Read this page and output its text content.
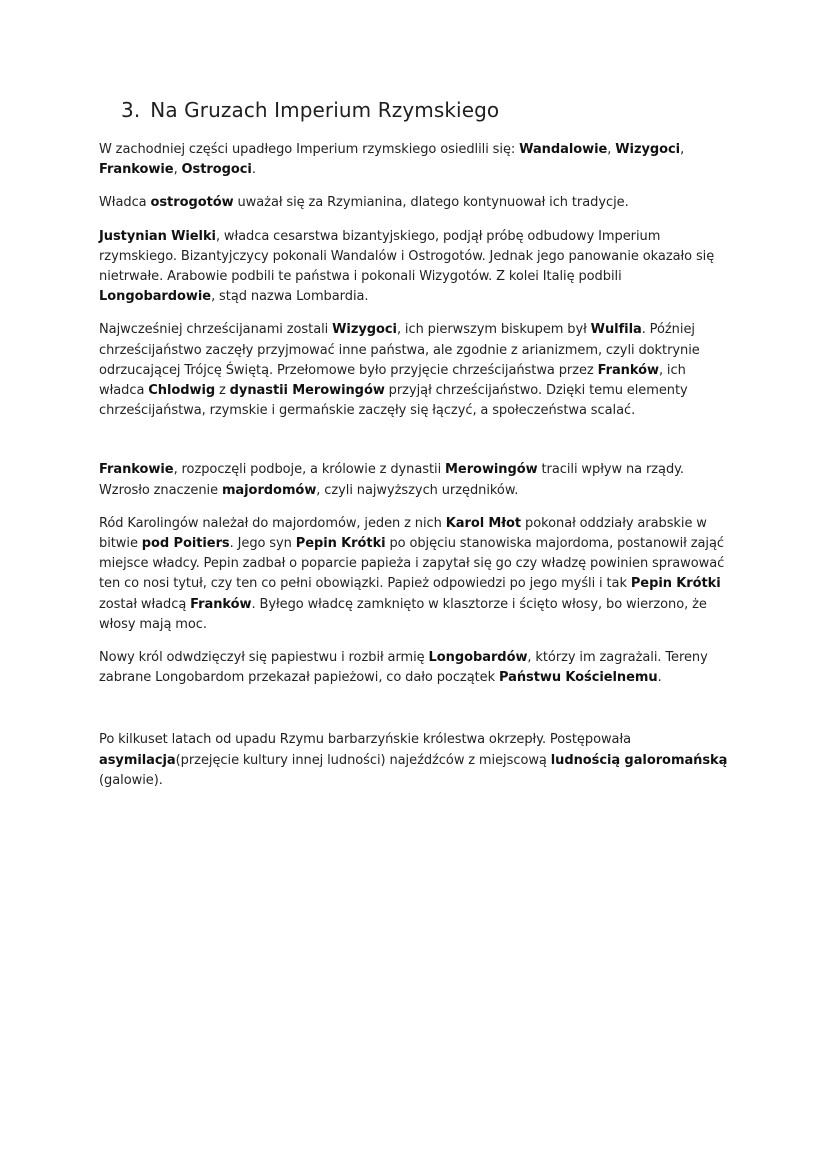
3. Na Gruzach Imperium Rzymskiego

W zachodniej części upadłego Imperium rzymskiego osiedlili się: Wandalowie, Wizygoci, Frankowie, Ostrogoci.

Władca ostrogotów uważał się za Rzymianina, dlatego kontynuował ich tradycje.

Justynian Wielki, władca cesarstwa bizantyjskiego, podjął próbę odbudowy Imperium rzymskiego. Bizantyjczycy pokonali Wandalów i Ostrogotów. Jednak jego panowanie okazało się nietrwałe. Arabowie podbili te państwa i pokonali Wizygotów. Z kolei Italię podbili Longobardowie, stąd nazwa Lombardia.

Najwcześniej chrześcijanami zostali Wizygoci, ich pierwszym biskupem był Wulfila. Później chrześcijaństwo zaczęły przyjmować inne państwa, ale zgodnie z arianizmem, czyli doktrynie odrzucającej Trójcę Świętą. Przełomowe było przyjęcie chrześcijaństwa przez Franków, ich władca Chlodwig z dynastii Merowingów przyjął chrześcijaństwo. Dzięki temu elementy chrześcijaństwa, rzymskie i germańskie zaczęły się łączyć, a społeczeństwa scalać.

Frankowie, rozpoczęli podboje, a królowie z dynastii Merowingów tracili wpływ na rządy. Wzrosło znaczenie majordomów, czyli najwyższych urzędników.

Ród Karolingów należał do majordomów, jeden z nich Karol Młot pokonał oddziały arabskie w bitwie pod Poitiers. Jego syn Pepin Krótki po objęciu stanowiska majordoma, postanowił zająć miejsce władcy. Pepin zadbał o poparcie papieża i zapytał się go czy władzę powinien sprawować ten co nosi tytuł, czy ten co pełni obowiązki. Papież odpowiedzi po jego myśli i tak Pepin Krótki został władcą Franków. Byłego władcę zamknięto w klasztorze i ścięto włosy, bo wierzono, że włosy mają moc.

Nowy król odwdzięczył się papiestwu i rozbił armię Longobardów, którzy im zagrażali. Tereny zabrane Longobardom przekazał papieżowi, co dało początek Państwu Kościelnemu.

Po kilkuset latach od upadu Rzymu barbarzyńskie królestwa okrzepły. Postępowała asymilacja(przejęcie kultury innej ludności) najeźdźców z miejscową ludnością galoromańską (galowie).
